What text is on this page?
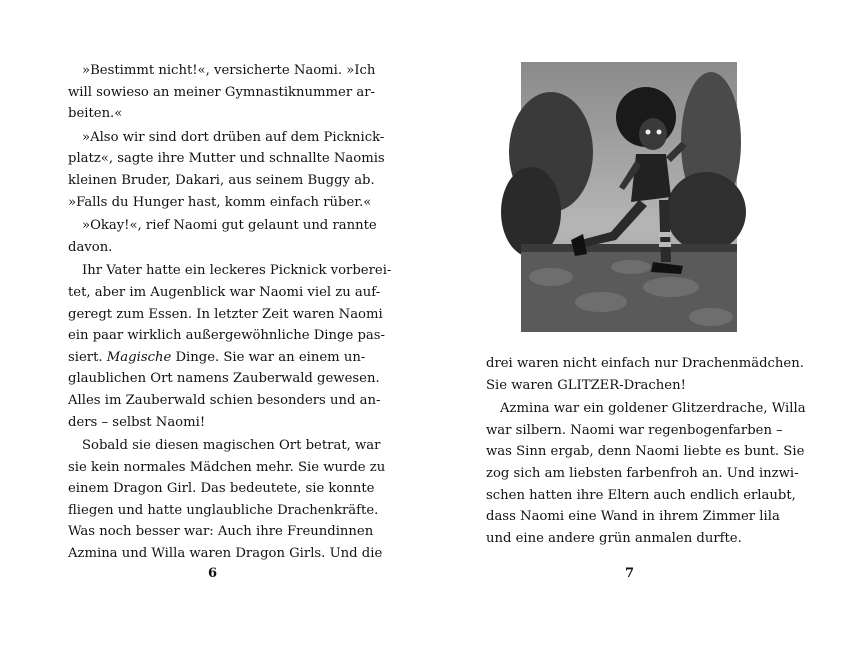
»Bestimmt nicht!«, versicherte Naomi. »Ich
will sowieso an meiner Gymnastiknummer ar-
beiten.«
»Also wir sind dort drüben auf dem Picknick-
platz«, sagte ihre Mutter und schnallte Naomis
kleinen Bruder, Dakari, aus seinem Buggy ab.
»Falls du Hunger hast, komm einfach rüber.«
»Okay!«, rief Naomi gut gelaunt und rannte
davon.
Ihr Vater hatte ein leckeres Picknick vorberei-
tet, aber im Augenblick war Naomi viel zu auf-
geregt zum Essen. In letzter Zeit waren Naomi
ein paar wirklich außergewöhnliche Dinge pas-
siert. Magische Dinge. Sie war an einem un-
glaublichen Ort namens Zauberwald gewesen.
Alles im Zauberwald schien besonders und an-
ders – selbst Naomi!
Sobald sie diesen magischen Ort betrat, war
sie kein normales Mädchen mehr. Sie wurde zu
einem Dragon Girl. Das bedeutete, sie konnte
fliegen und hatte unglaubliche Drachenkräfte.
Was noch besser war: Auch ihre Freundinnen
Azmina und Willa waren Dragon Girls. Und die
6
drei waren nicht einfach nur Drachenmädchen.
Sie waren GLITZER-Drachen!
Azmina war ein goldener Glitzerdrache, Willa
war silbern. Naomi war regenbogenfarben –
was Sinn ergab, denn Naomi liebte es bunt. Sie
zog sich am liebsten farbenfroh an. Und inzwi-
schen hatten ihre Eltern auch endlich erlaubt,
dass Naomi eine Wand in ihrem Zimmer lila
und eine andere grün anmalen durfte.
7
